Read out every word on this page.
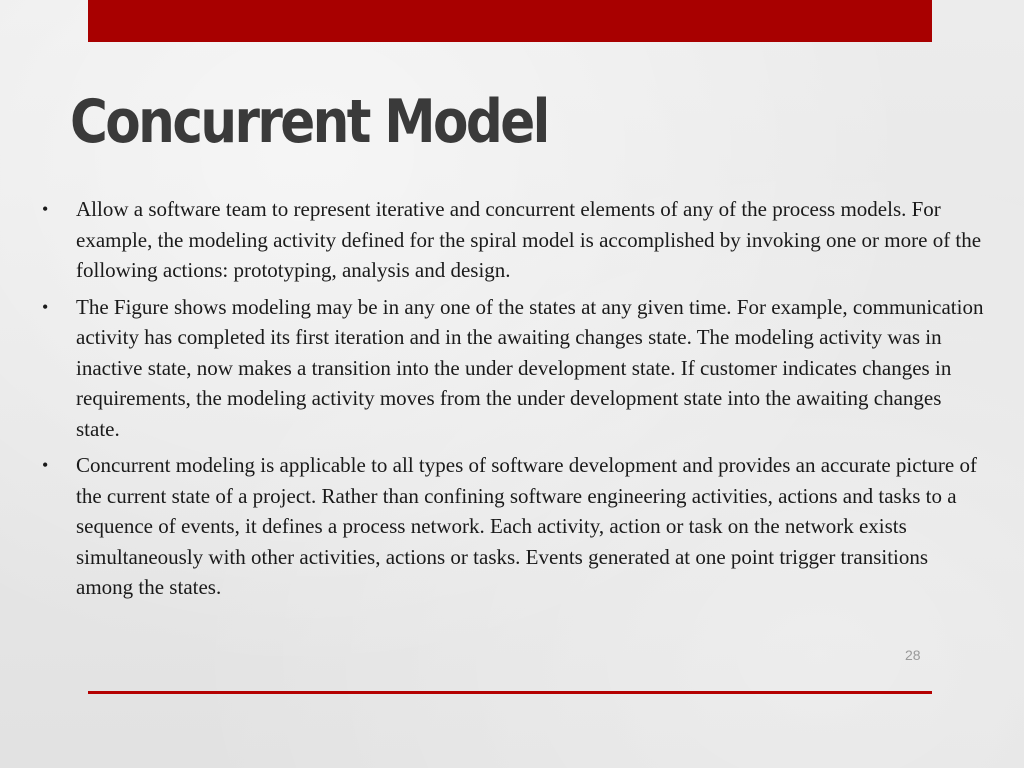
Concurrent Model
• Allow a software team to represent iterative and concurrent elements of any of the process models. For example, the modeling activity defined for the spiral model is accomplished by invoking one or more of the following actions: prototyping, analysis and design.
• The Figure shows modeling may be in any one of the states at any given time. For example, communication activity has completed its first iteration and in the awaiting changes state. The modeling activity was in inactive state, now makes a transition into the under development state. If customer indicates changes in requirements, the modeling activity moves from the under development state into the awaiting changes state.
• Concurrent modeling is applicable to all types of software development and provides an accurate picture of the current state of a project. Rather than confining software engineering activities, actions and tasks to a sequence of events, it defines a process network. Each activity, action or task on the network exists simultaneously with other activities, actions or tasks. Events generated at one point trigger transitions among the states.
28
